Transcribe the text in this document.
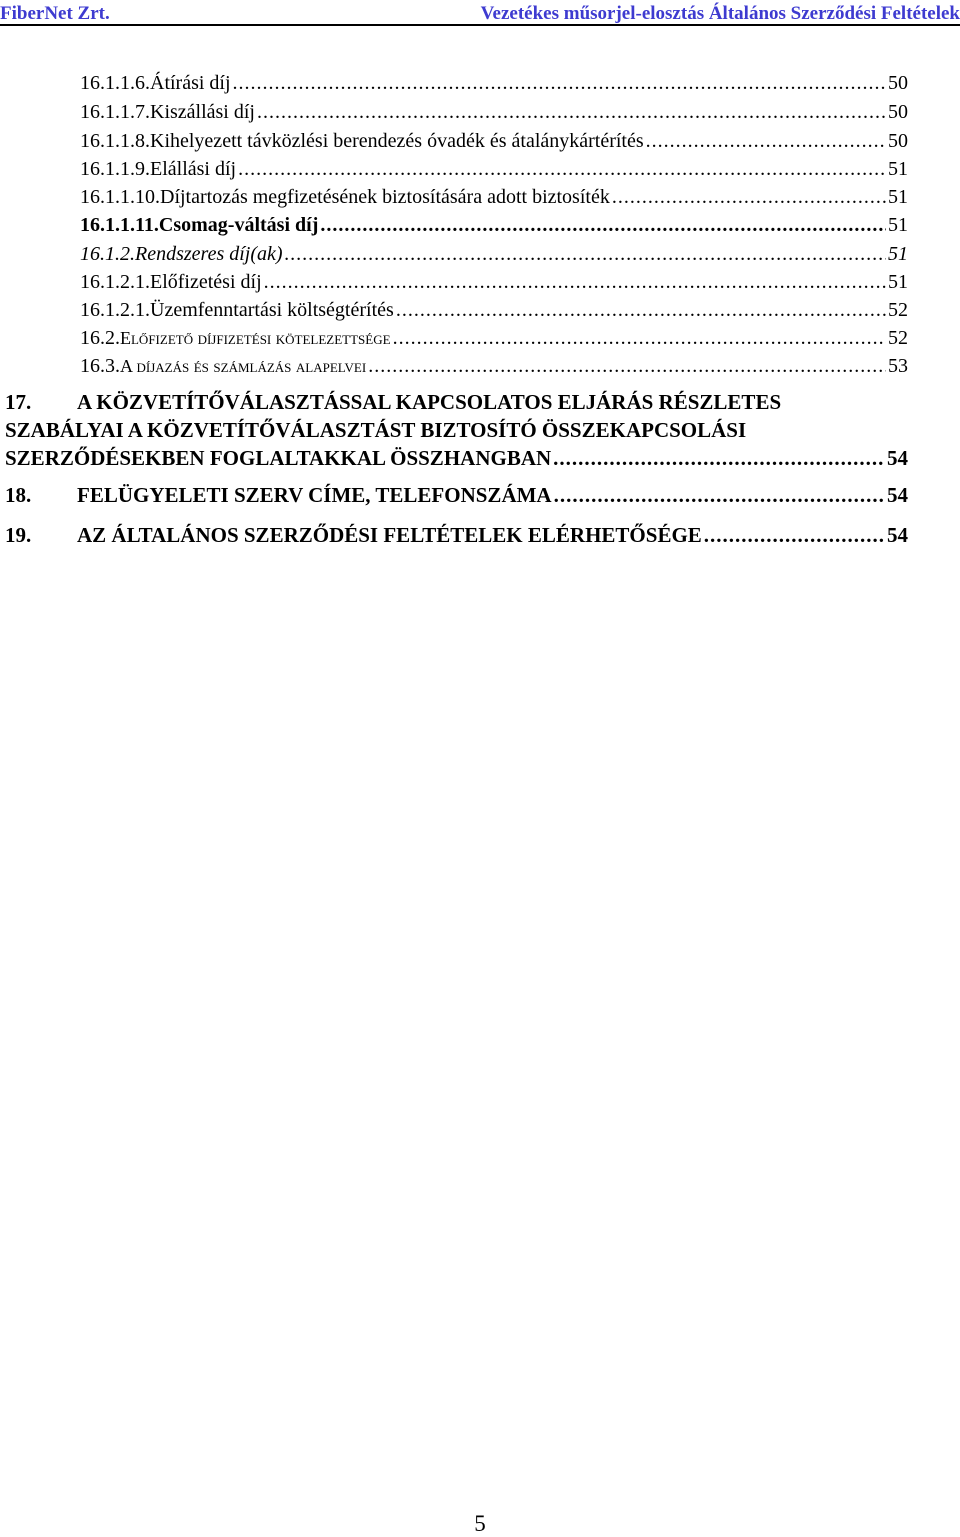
FiberNet Zrt.	Vezetékes műsorjel-elosztás Általános Szerződési Feltételek
16.1.1.6. Átírási díj .....	50
16.1.1.7. Kiszállási díj .....	50
16.1.1.8. Kihelyezett távközlési berendezés óvadék és átalánykártérítés .....	50
16.1.1.9. Elállási díj .....	51
16.1.1.10. Díjtartozás megfizetésének biztosítására adott biztosíték .....	51
16.1.1.11. Csomag-váltási díj .....	51
16.1.2. Rendszeres díj(ak) .....	51
16.1.2.1. Előfizetési díj .....	51
16.1.2.1. Üzemfenntartási költségtérítés .....	52
16.2. Előfizető díjfizetési kötelezettsége .....	52
16.3. A díjazás és számlázás alapelvei .....	53
17.	A KÖZVETÍTŐVÁLASZTÁSSAL KAPCSOLATOS ELJÁRÁS RÉSZLETES
SZABÁLYAI A KÖZVETÍTŐVÁLASZTÁST BIZTOSÍTÓ ÖSSZEKAPCSOLÁSI
SZERZŐDÉSEKBEN FOGLALTAKKAL ÖSSZHANGBAN .....	54
18.	FELÜGYELETI SZERV CÍME, TELEFONSZÁMA .....	54
19.	AZ ÁLTALÁNOS SZERZŐDÉSI FELTÉTELEK ELÉRHETŐSÉGE .....	54
5
